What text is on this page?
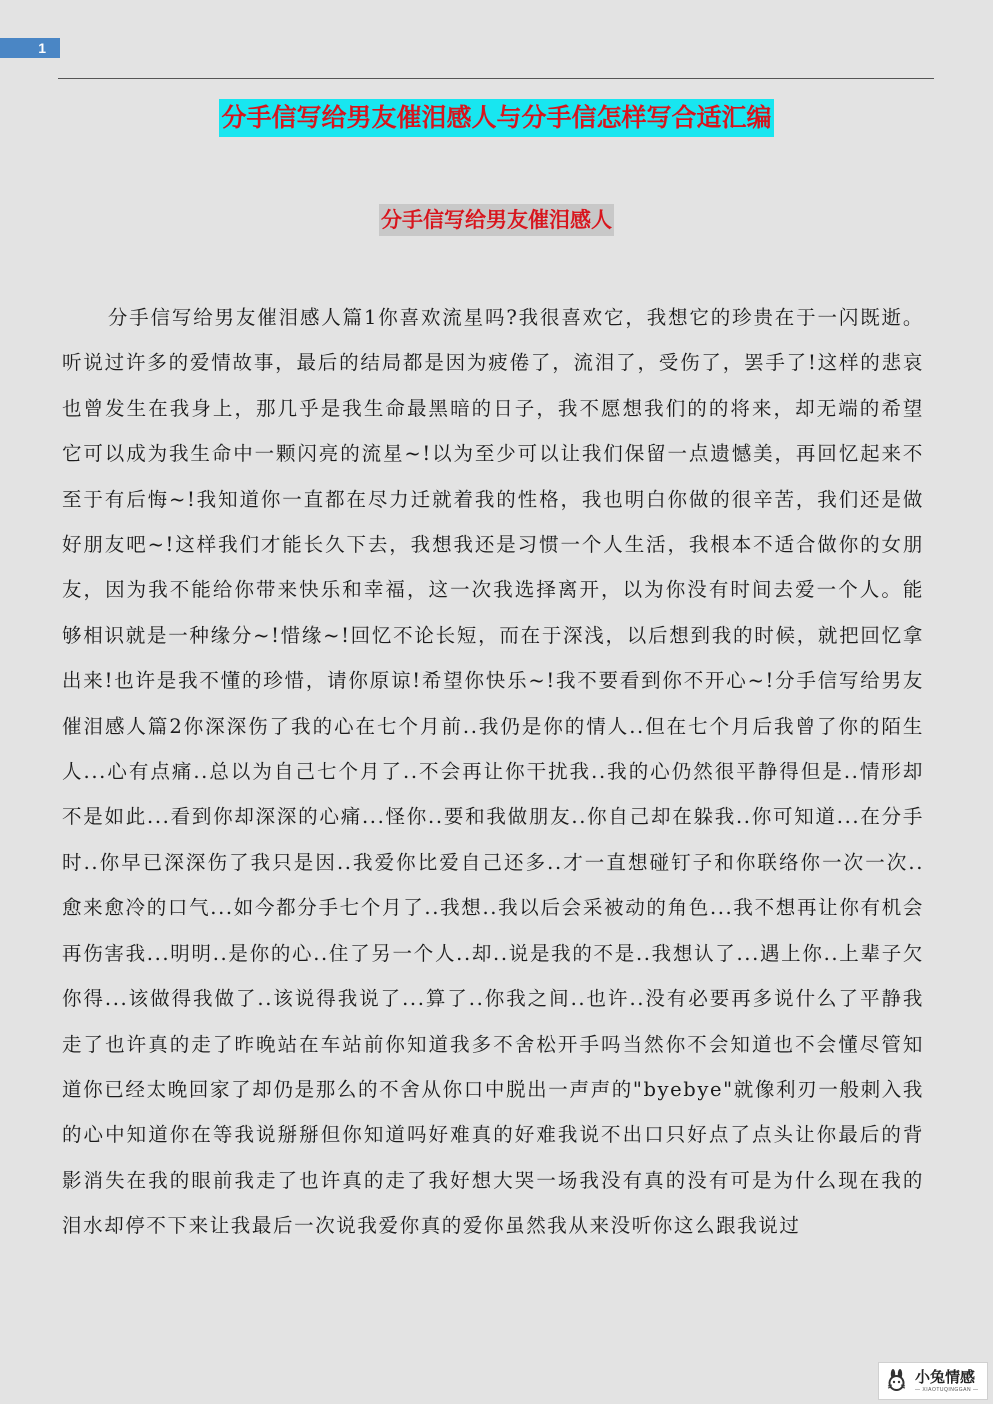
1
分手信写给男友催泪感人与分手信怎样写合适汇编
分手信写给男友催泪感人

分手信写给男友催泪感人篇1你喜欢流星吗?我很喜欢它，我想它的珍贵在于一闪既逝。听说过许多的爱情故事，最后的结局都是因为疲倦了，流泪了，受伤了，罢手了!这样的悲哀也曾发生在我身上，那几乎是我生命最黑暗的日子，我不愿想我们的的将来，却无端的希望它可以成为我生命中一颗闪亮的流星~!以为至少可以让我们保留一点遗憾美，再回忆起来不至于有后悔~!我知道你一直都在尽力迁就着我的性格，我也明白你做的很辛苦，我们还是做好朋友吧~!这样我们才能长久下去，我想我还是习惯一个人生活，我根本不适合做你的女朋友，因为我不能给你带来快乐和幸福，这一次我选择离开，以为你没有时间去爱一个人。能够相识就是一种缘分~!惜缘~!回忆不论长短，而在于深浅，以后想到我的时候，就把回忆拿出来!也许是我不懂的珍惜，请你原谅!希望你快乐~!我不要看到你不开心~!分手信写给男友催泪感人篇2你深深伤了我的心在七个月前..我仍是你的情人..但在七个月后我曾了你的陌生人...心有点痛..总以为自己七个月了..不会再让你干扰我..我的心仍然很平静得但是..情形却不是如此...看到你却深深的心痛...怪你..要和我做朋友..你自己却在躲我..你可知道...在分手时..你早已深深伤了我只是因..我爱你比爱自己还多..才一直想碰钉子和你联络你一次一次..愈来愈冷的口气...如今都分手七个月了..我想..我以后会采被动的角色...我不想再让你有机会再伤害我...明明..是你的心..住了另一个人..却..说是我的不是..我想认了...遇上你..上辈子欠你得...该做得我做了..该说得我说了...算了..你我之间..也许..没有必要再多说什么了平静我走了也许真的走了昨晚站在车站前你知道我多不舍松开手吗当然你不会知道也不会懂尽管知道你已经太晚回家了却仍是那么的不舍从你口中脱出一声声的"byebye"就像利刃一般刺入我的心中知道你在等我说掰掰但你知道吗好难真的好难我说不出口只好点了点头让你最后的背影消失在我的眼前我走了也许真的走了我好想大哭一场我没有真的没有可是为什么现在我的泪水却停不下来让我最后一次说我爱你真的爱你虽然我从来没听你这么跟我说过

小兔情感
— XIAOTUQINGGAN —
